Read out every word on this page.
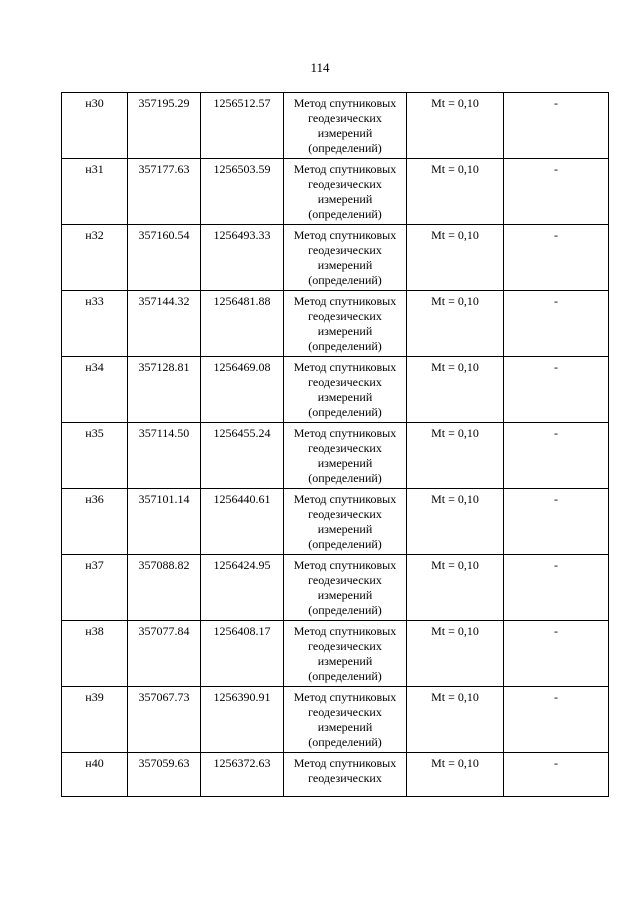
114
н30	357195.29	1256512.57	Метод спутниковых геодезических измерений (определений)	Mt = 0,10	-
н31	357177.63	1256503.59	Метод спутниковых геодезических измерений (определений)	Mt = 0,10	-
н32	357160.54	1256493.33	Метод спутниковых геодезических измерений (определений)	Mt = 0,10	-
н33	357144.32	1256481.88	Метод спутниковых геодезических измерений (определений)	Mt = 0,10	-
н34	357128.81	1256469.08	Метод спутниковых геодезических измерений (определений)	Mt = 0,10	-
н35	357114.50	1256455.24	Метод спутниковых геодезических измерений (определений)	Mt = 0,10	-
н36	357101.14	1256440.61	Метод спутниковых геодезических измерений (определений)	Mt = 0,10	-
н37	357088.82	1256424.95	Метод спутниковых геодезических измерений (определений)	Mt = 0,10	-
н38	357077.84	1256408.17	Метод спутниковых геодезических измерений (определений)	Mt = 0,10	-
н39	357067.73	1256390.91	Метод спутниковых геодезических измерений (определений)	Mt = 0,10	-
н40	357059.63	1256372.63	Метод спутниковых геодезических	Mt = 0,10	-
